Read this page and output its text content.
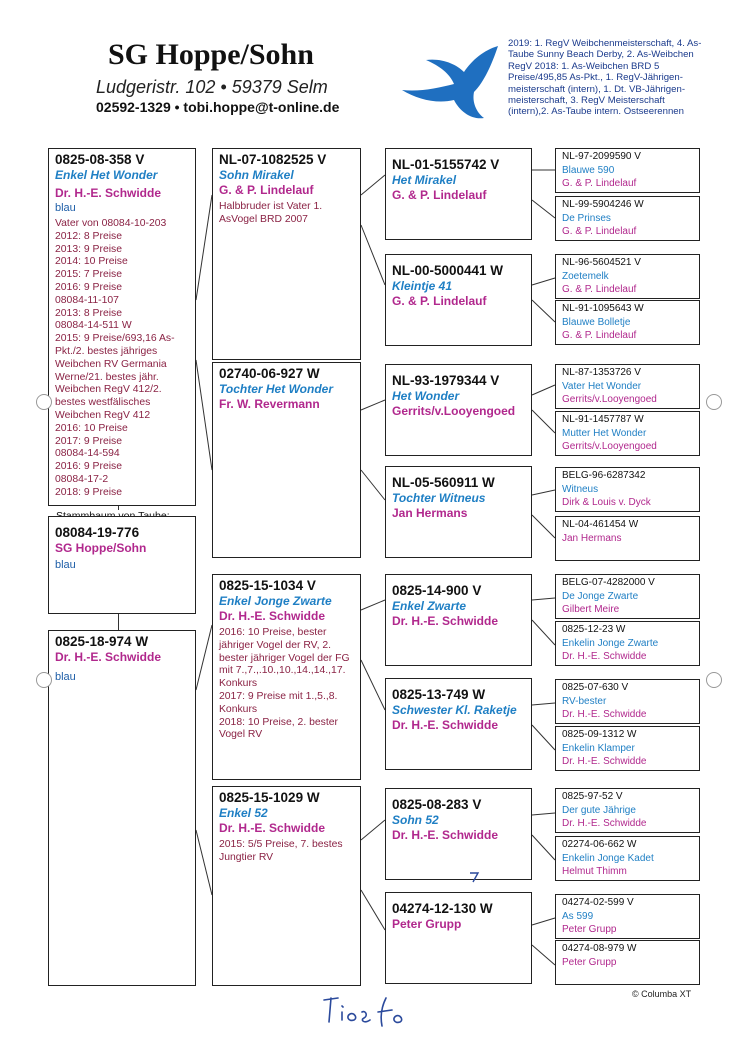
SG Hoppe/Sohn
Ludgeristr. 102 • 59379 Selm
02592-1329 • tobi.hoppe@t-online.de
2019: 1. RegV Weibchenmeisterschaft, 4. As-Taube Sunny Beach Derby, 2. As-Weibchen RegV 2018: 1. As-Weibchen BRD 5 Preise/495,85 As-Pkt., 1. RegV-Jährigen-meisterschaft (intern), 1. Dt. VB-Jährigen-meisterschaft, 3. RegV Meisterschaft (intern),2. As-Taube intern. Ostseerennen
0825-08-358 V
Enkel Het Wonder
Dr. H.-E. Schwidde
blau
Vater von 08084-10-203
2012: 8 Preise
2013: 9 Preise
2014: 10 Preise
2015: 7 Preise
2016: 9 Preise
08084-11-107
2013: 8 Preise
08084-14-511 W
2015: 9 Preise/693,16 As-Pkt./2. bestes jähriges Weibchen RV Germania Werne/21. bestes jähr. Weibchen RegV 412/2. bestes westfälisches Weibchen RegV 412
2016: 10 Preise
2017: 9 Preise
08084-14-594
2016: 9 Preise
08084-17-2
2018: 9 Preise
08084-19-776
SG Hoppe/Sohn
blau
0825-18-974 W
Dr. H.-E. Schwidde
blau
NL-07-1082525 V
Sohn Mirakel
G. & P. Lindelauf
Halbbruder ist Vater 1. AsVogel BRD 2007
02740-06-927 W
Tochter Het Wonder
Fr. W. Revermann
0825-15-1034 V
Enkel Jonge Zwarte
Dr. H.-E. Schwidde
2016: 10 Preise, bester jähriger Vogel der RV, 2. bester jähriger Vogel der FG mit 7.,7.,.10.,10.,14.,14.,17. Konkurs
2017: 9 Preise mit 1.,5.,8. Konkurs
2018: 10 Preise, 2. bester Vogel RV
0825-15-1029 W
Enkel 52
Dr. H.-E. Schwidde
2015: 5/5 Preise, 7. bestes Jungtier RV
NL-01-5155742 V
Het Mirakel
G. & P. Lindelauf
NL-00-5000441 W
Kleintje 41
G. & P. Lindelauf
NL-93-1979344 V
Het Wonder
Gerrits/v.Looyengoed
NL-05-560911 W
Tochter Witneus
Jan Hermans
0825-14-900 V
Enkel Zwarte
Dr. H.-E. Schwidde
0825-13-749 W
Schwester Kl. Raketje
Dr. H.-E. Schwidde
0825-08-283 V
Sohn 52
Dr. H.-E. Schwidde
04274-12-130 W
Peter Grupp
NL-97-2099590 V
Blauwe 590
G. & P. Lindelauf
NL-99-5904246 W
De Prinses
G. & P. Lindelauf
NL-96-5604521 V
Zoetemelk
G. & P. Lindelauf
NL-91-1095643 W
Blauwe Bolletje
G. & P. Lindelauf
NL-87-1353726 V
Vater Het Wonder
Gerrits/v.Looyengoed
NL-91-1457787 W
Mutter Het Wonder
Gerrits/v.Looyengoed
BELG-96-6287342
Witneus
Dirk & Louis v. Dyck
NL-04-461454 W
Jan Hermans
BELG-07-4282000 V
De Jonge Zwarte
Gilbert Meire
0825-12-23 W
Enkelin Jonge Zwarte
Dr. H.-E. Schwidde
0825-07-630 V
RV-bester
Dr. H.-E. Schwidde
0825-09-1312 W
Enkelin Klamper
Dr. H.-E. Schwidde
0825-97-52 V
Der gute Jährige
Dr. H.-E. Schwidde
02274-06-662 W
Enkelin Jonge Kadet
Helmut Thimm
04274-02-599 V
As 599
Peter Grupp
04274-08-979 W
Peter Grupp
© Columba XT
